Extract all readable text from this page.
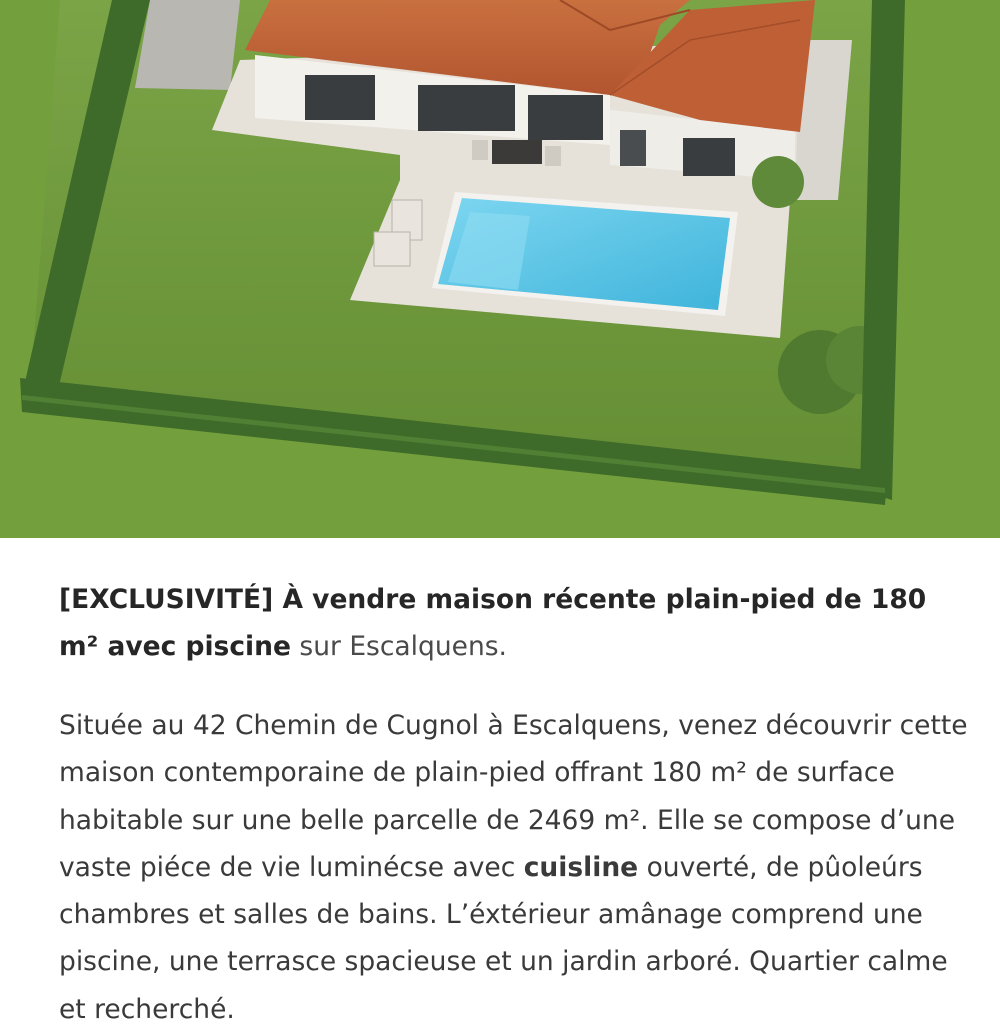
[EXCLUSIVITÉ] À vendre maison récente plain-pied de 180 m² avec piscine sur Escalquens.

Située au 42 Chemin de Cugnol à Escalquens, venez découvrir cette maison contemporaine de plain-pied offrant 180 m² de surface habitable sur une belle parcelle de 2469 m². Elle se compose d’une vaste piéce de vie luminécse avec cuisline ouverté, de pûoleúrs chambres et salles de bains. L’éxtérieur amânage comprend une piscine, une terrasce spacieuse et un jardin arboré. Quartier calme et recherché.
